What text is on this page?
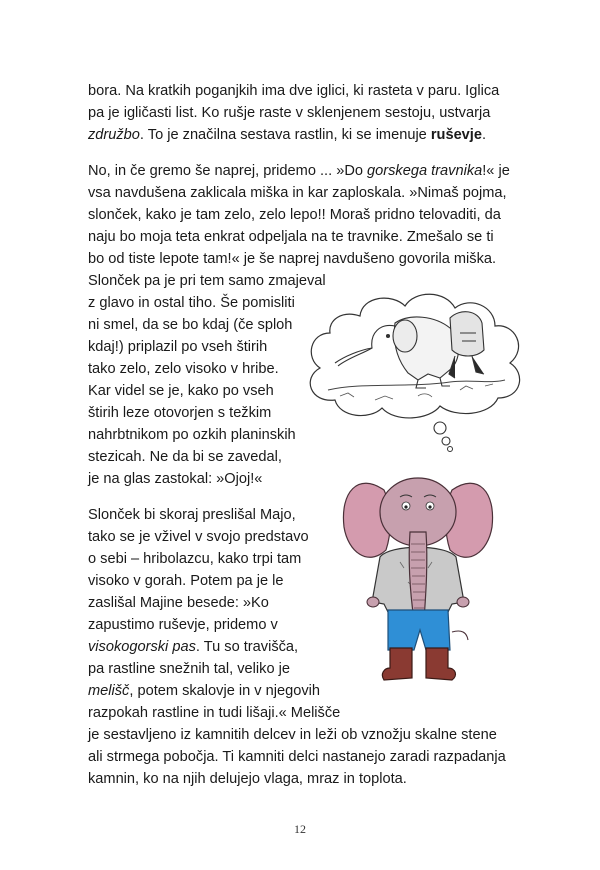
bora. Na kratkih poganjkih ima dve iglici, ki rasteta v paru. Iglica
pa je igličasti list. Ko rušje raste v sklenjenem sestoju, ustvarja
združbo. To je značilna sestava rastlin, ki se imenuje ruševje.
No, in če gremo še naprej, pridemo ... »Do gorskega travnika!« je
vsa navdušena zaklicala miška in kar zaploskala. »Nimaš pojma,
slonček, kako je tam zelo, zelo lepo!! Moraš pridno telovaditi, da
naju bo moja teta enkrat odpeljala na te travnike. Zmešalo se ti
bo od tiste lepote tam!« je še naprej navdušeno govorila miška.
Slonček pa je pri tem samo zmajeval
z glavo in ostal tiho. Še pomisliti
ni smel, da se bo kdaj (če sploh
kdaj!) priplazil po vseh štirih
tako zelo, zelo visoko v hribe.
Kar videl se je, kako po vseh
štirih leze otovorjen s težkim
nahrbtnikom po ozkih planinskih
stezicah. Ne da bi se zavedal,
je na glas zastokal: »Ojoj!«
Slonček bi skoraj preslišal Majo,
tako se je vživel v svojo predstavo
o sebi – hribolazcu, kako trpi tam
visoko v gorah. Potem pa je le
zaslišal Majine besede: »Ko
zapustimo ruševje, pridemo v
visokogorski pas. Tu so travišča,
pa rastline snežnih tal, veliko je
melišč, potem skalovje in v njegovih
razpokah rastline in tudi lišaji.« Melišče
je sestavljeno iz kamnitih delcev in leži ob vznožju skalne stene
ali strmega pobočja. Ti kamniti delci nastanejo zaradi razpadanja
kamnin, ko na njih delujejo vlaga, mraz in toplota.
12
